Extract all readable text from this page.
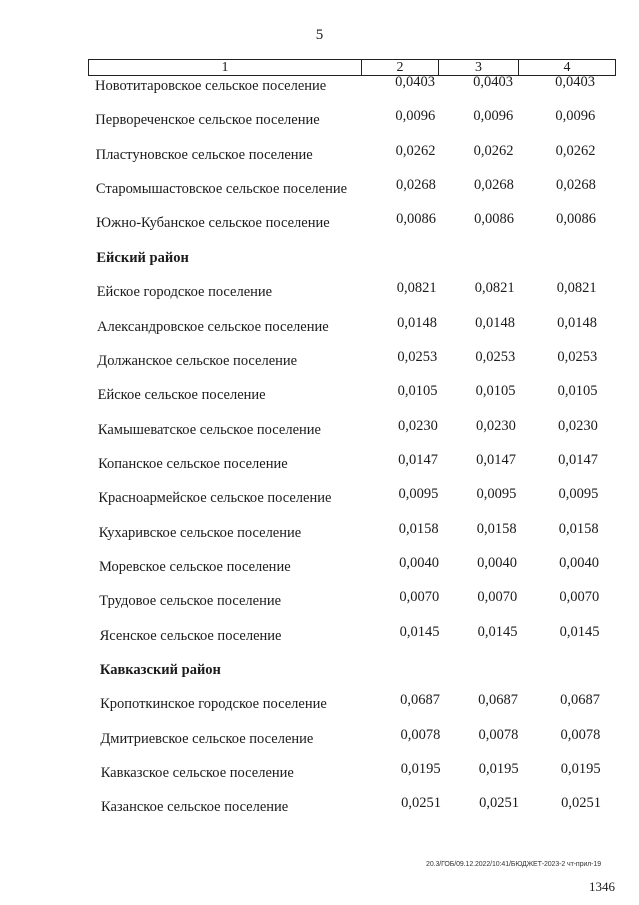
5
1	2	3	4
Новотитаровское сельское поселение	0,0403	0,0403	0,0403
Первореченское сельское поселение	0,0096	0,0096	0,0096
Пластуновское сельское поселение	0,0262	0,0262	0,0262
Старомышастовское сельское поселение	0,0268	0,0268	0,0268
Южно-Кубанское сельское поселение	0,0086	0,0086	0,0086
Ейский район
Ейское городское поселение	0,0821	0,0821	0,0821
Александровское сельское поселение	0,0148	0,0148	0,0148
Должанское сельское поселение	0,0253	0,0253	0,0253
Ейское сельское поселение	0,0105	0,0105	0,0105
Камышеватское сельское поселение	0,0230	0,0230	0,0230
Копанское сельское поселение	0,0147	0,0147	0,0147
Красноармейское сельское поселение	0,0095	0,0095	0,0095
Кухаривское сельское поселение	0,0158	0,0158	0,0158
Моревское сельское поселение	0,0040	0,0040	0,0040
Трудовое сельское поселение	0,0070	0,0070	0,0070
Ясенское сельское поселение	0,0145	0,0145	0,0145
Кавказский район
Кропоткинское городское поселение	0,0687	0,0687	0,0687
Дмитриевское сельское поселение	0,0078	0,0078	0,0078
Кавказское сельское поселение	0,0195	0,0195	0,0195
Казанское сельское поселение	0,0251	0,0251	0,0251
20.3/ГОБ/09.12.2022/10:41/БЮДЖЕТ-2023-2 чт-прил-19
1346
